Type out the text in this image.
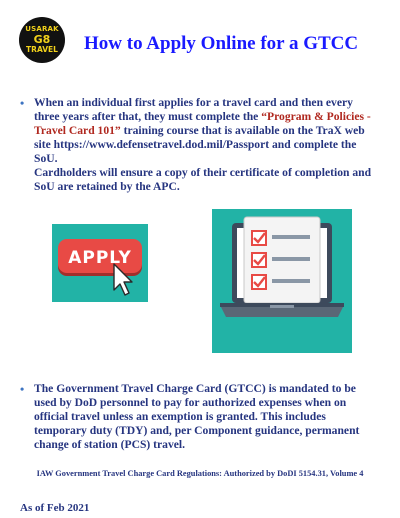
USARAK
G8
TRAVEL How to Apply Online for a GTCC
• When an individual first applies for a travel card and then every three years after that, they must complete the “Program & Policies - Travel Card 101” training course that is available on the TraX web site https://www.defensetravel.dod.mil/Passport and complete the SoU.
Cardholders will ensure a copy of their certificate of completion and SoU are retained by the APC.
APPLY
• The Government Travel Charge Card (GTCC) is mandated to be used by DoD personnel to pay for authorized expenses when on official travel unless an exemption is granted. This includes temporary duty (TDY) and, per Component guidance, permanent change of station (PCS) travel.
IAW Government Travel Charge Card Regulations: Authorized by DoDI 5154.31, Volume 4
As of Feb 2021
